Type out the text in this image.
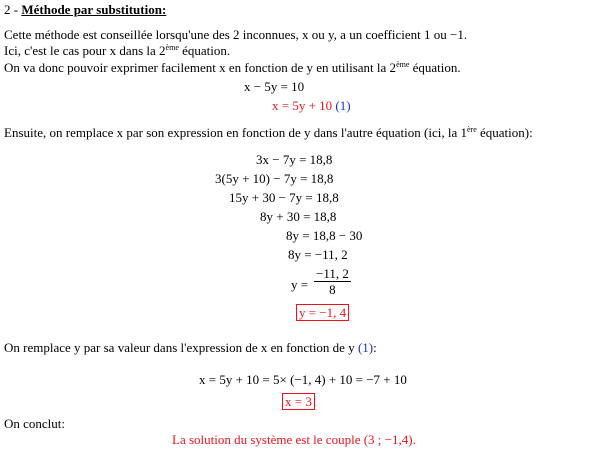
2 - Méthode par substitution:
Cette méthode est conseillée lorsqu'une des 2 inconnues, x ou y, a un coefficient 1 ou −1.
Ici, c'est le cas pour x dans la 2ème équation.
On va donc pouvoir exprimer facilement x en fonction de y en utilisant la 2ème équation.
x − 5y = 10
x = 5y + 10 (1)
Ensuite, on remplace x par son expression en fonction de y dans l'autre équation (ici, la 1ère équation):
3x − 7y = 18,8
3(5y + 10) − 7y = 18,8
15y + 30 − 7y = 18,8
8y + 30 = 18,8
8y = 18,8 − 30
8y = −11, 2
$y = \frac{-11, 2}{8}$
y = −1, 4
On remplace y par sa valeur dans l'expression de x en fonction de y (1):
x = 5y + 10 = 5× (−1, 4) + 10 = −7 + 10
x = 3
On conclut:
La solution du système est le couple (3 ; −1,4).
